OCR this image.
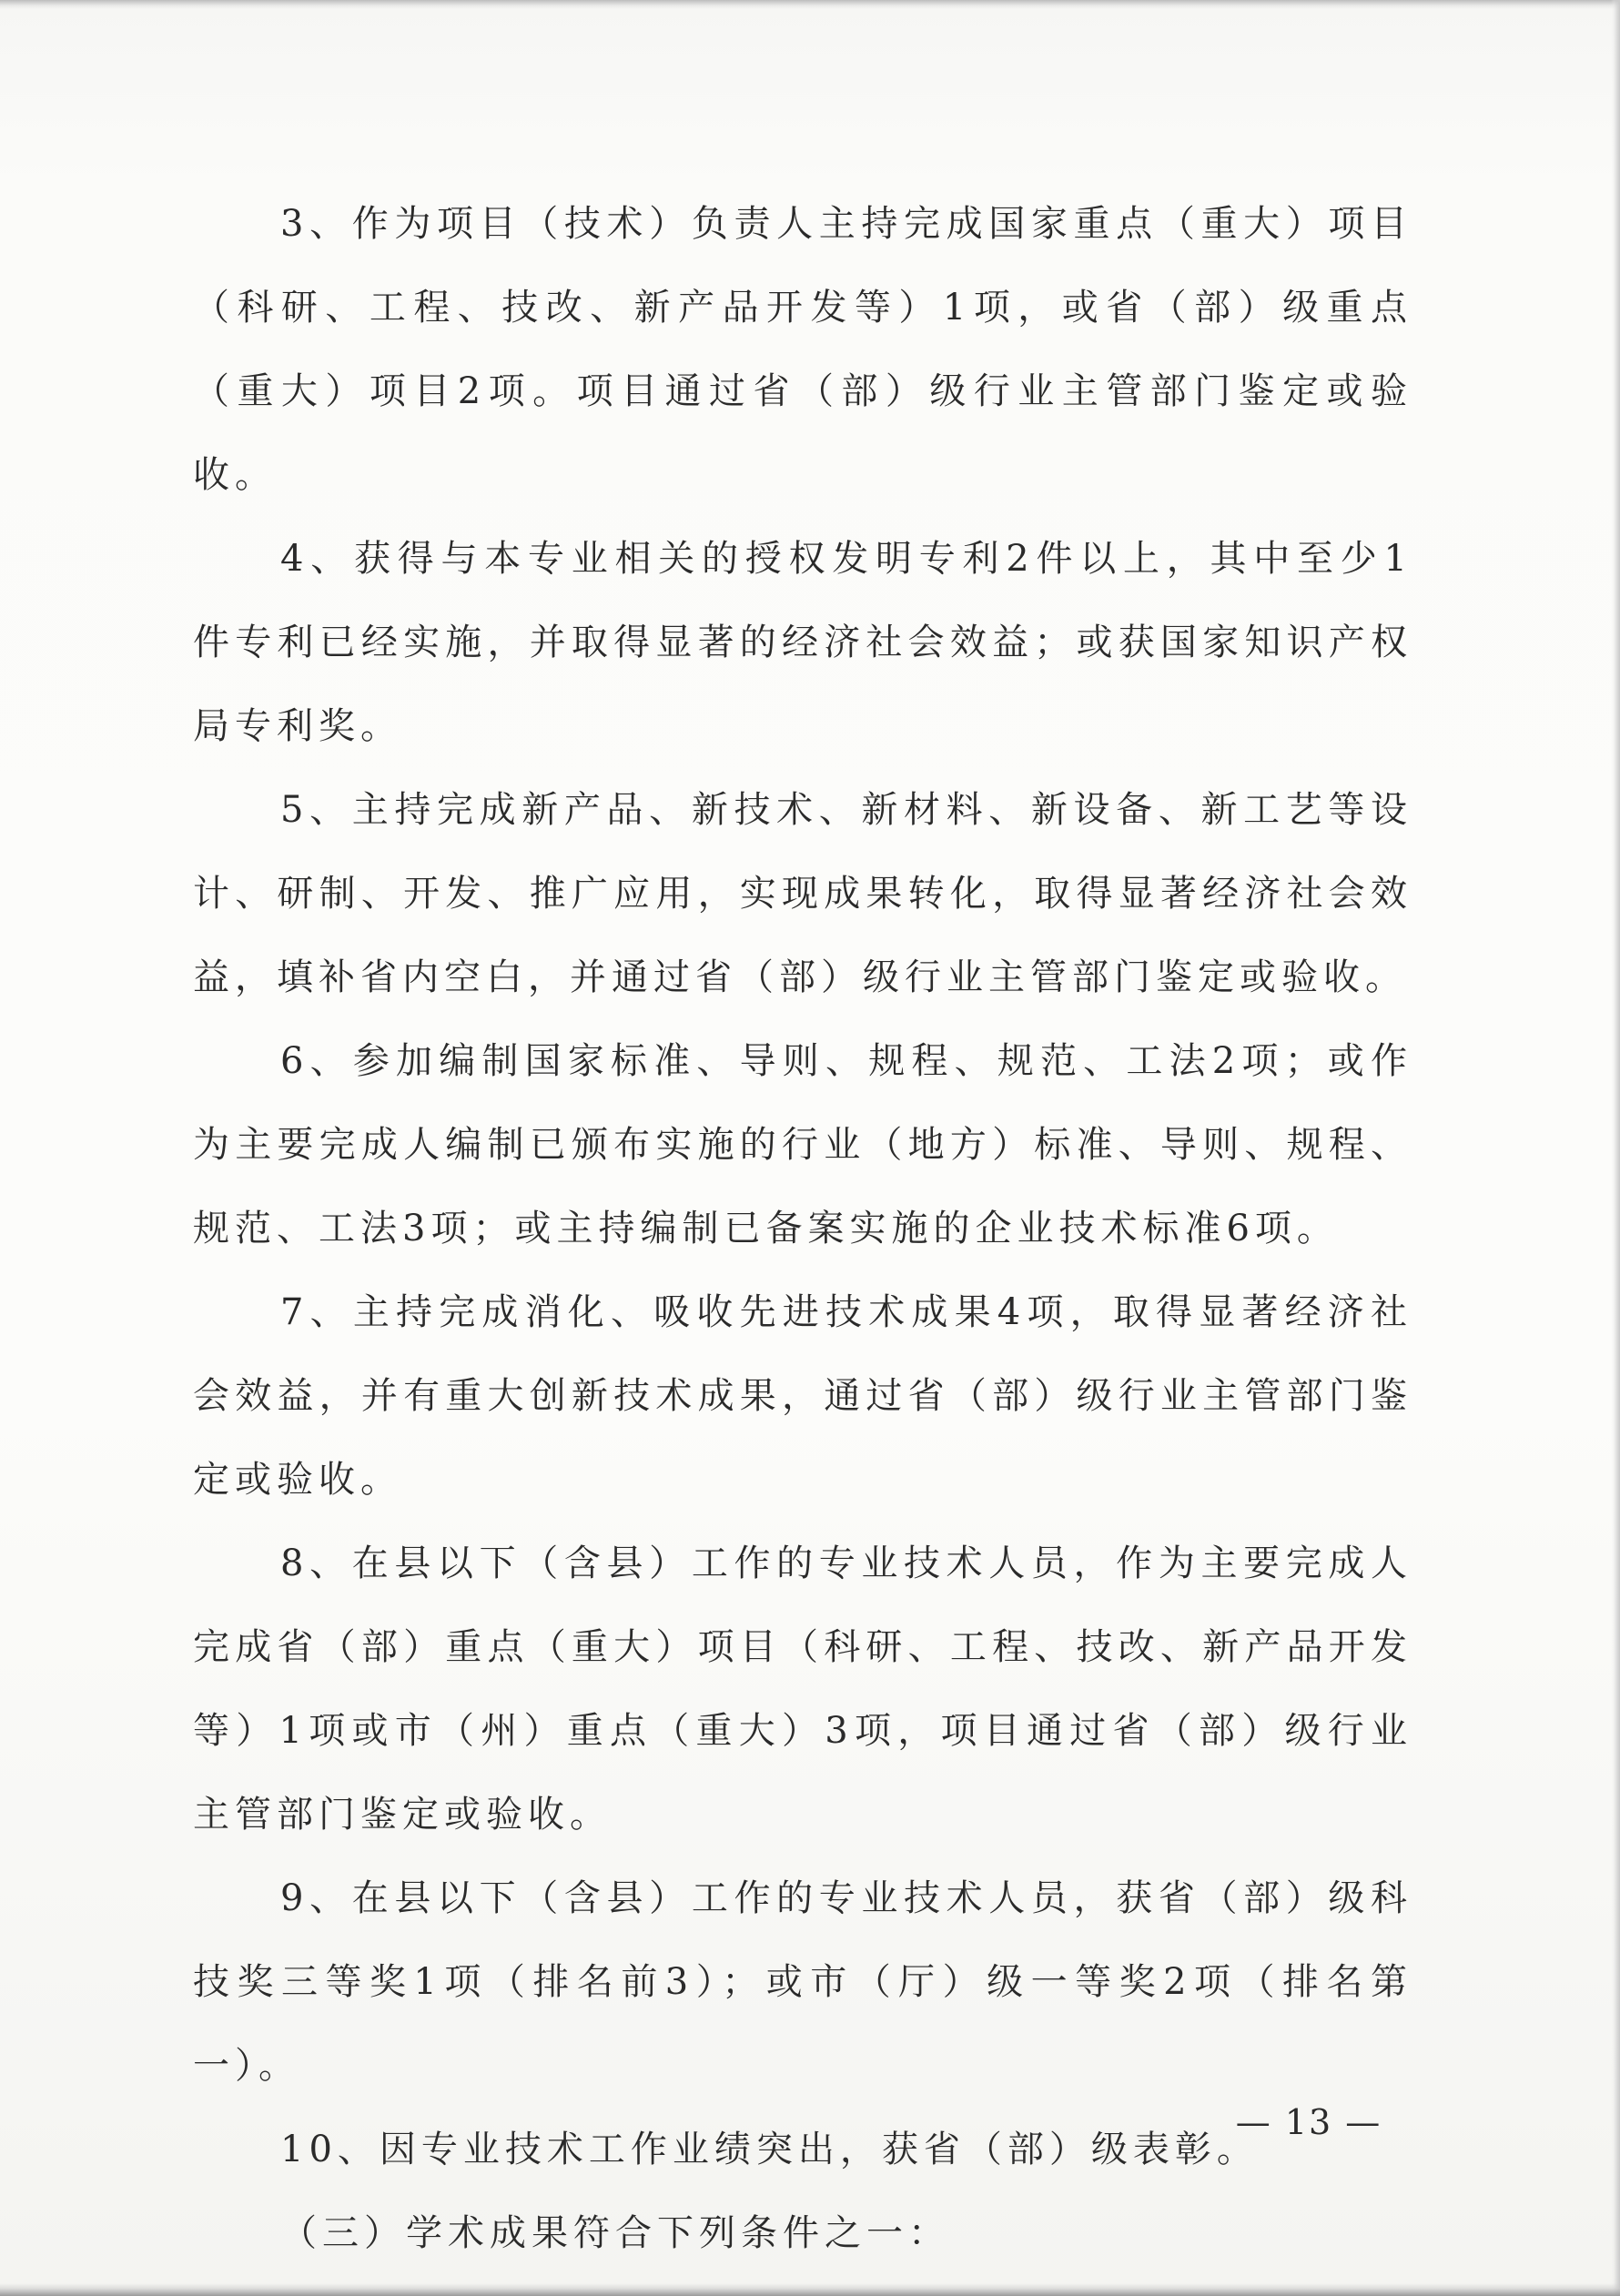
3、作为项目（技术）负责人主持完成国家重点（重大）项目（科研、工程、技改、新产品开发等）1项，或省（部）级重点（重大）项目2项。项目通过省（部）级行业主管部门鉴定或验收。

4、获得与本专业相关的授权发明专利2件以上，其中至少1件专利已经实施，并取得显著的经济社会效益；或获国家知识产权局专利奖。

5、主持完成新产品、新技术、新材料、新设备、新工艺等设计、研制、开发、推广应用，实现成果转化，取得显著经济社会效益，填补省内空白，并通过省（部）级行业主管部门鉴定或验收。

6、参加编制国家标准、导则、规程、规范、工法2项；或作为主要完成人编制已颁布实施的行业（地方）标准、导则、规程、规范、工法3项；或主持编制已备案实施的企业技术标准6项。

7、主持完成消化、吸收先进技术成果4项，取得显著经济社会效益，并有重大创新技术成果，通过省（部）级行业主管部门鉴定或验收。

8、在县以下（含县）工作的专业技术人员，作为主要完成人完成省（部）重点（重大）项目（科研、工程、技改、新产品开发等）1项或市（州）重点（重大）3项，项目通过省（部）级行业主管部门鉴定或验收。

9、在县以下（含县）工作的专业技术人员，获省（部）级科技奖三等奖1项（排名前3）；或市（厅）级一等奖2项（排名第一）。

10、因专业技术工作业绩突出，获省（部）级表彰。

（三）学术成果符合下列条件之一：

— 13 —
